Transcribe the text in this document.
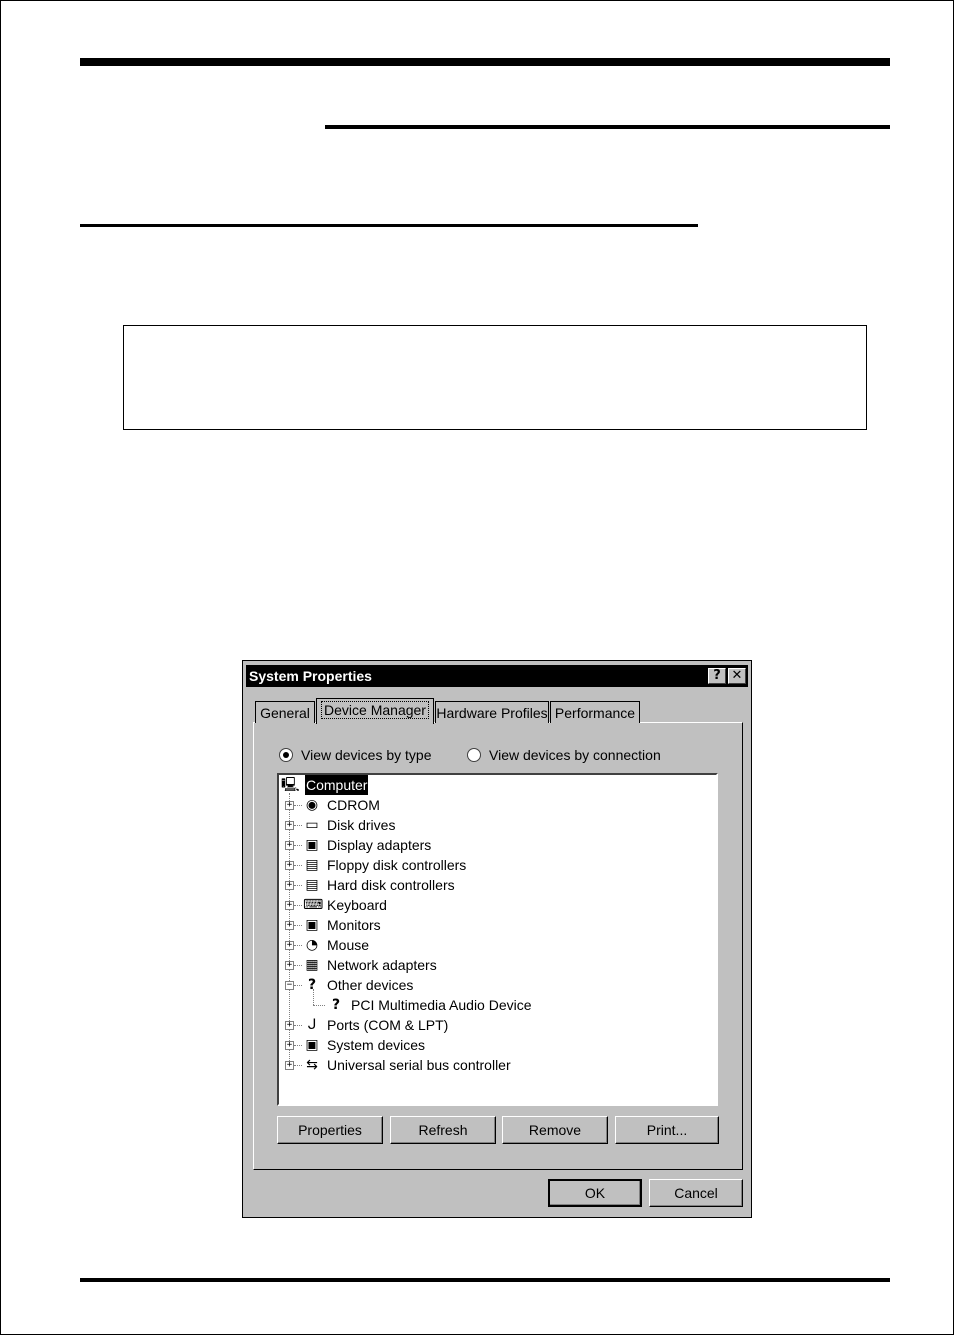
System Properties	? ✕
General	Device Manager Hardware Profiles Performance
View devices by type	View devices by connection
🖳 Computer
+ ◉ CDROM
+ ▭ Disk drives
+ ▣ Display adapters
+ ▤ Floppy disk controllers
+ ▤ Hard disk controllers
+ ⌨ Keyboard
+ ▣ Monitors
+ ◔ Mouse
+ ▦ Network adapters
−	? Other devices
? PCI Multimedia Audio Device
+	ᒍ Ports (COM & LPT)
+ ▣ System devices
+ ⇆ Universal serial bus controller
Properties	Refresh	Remove	Print...
OK	Cancel
